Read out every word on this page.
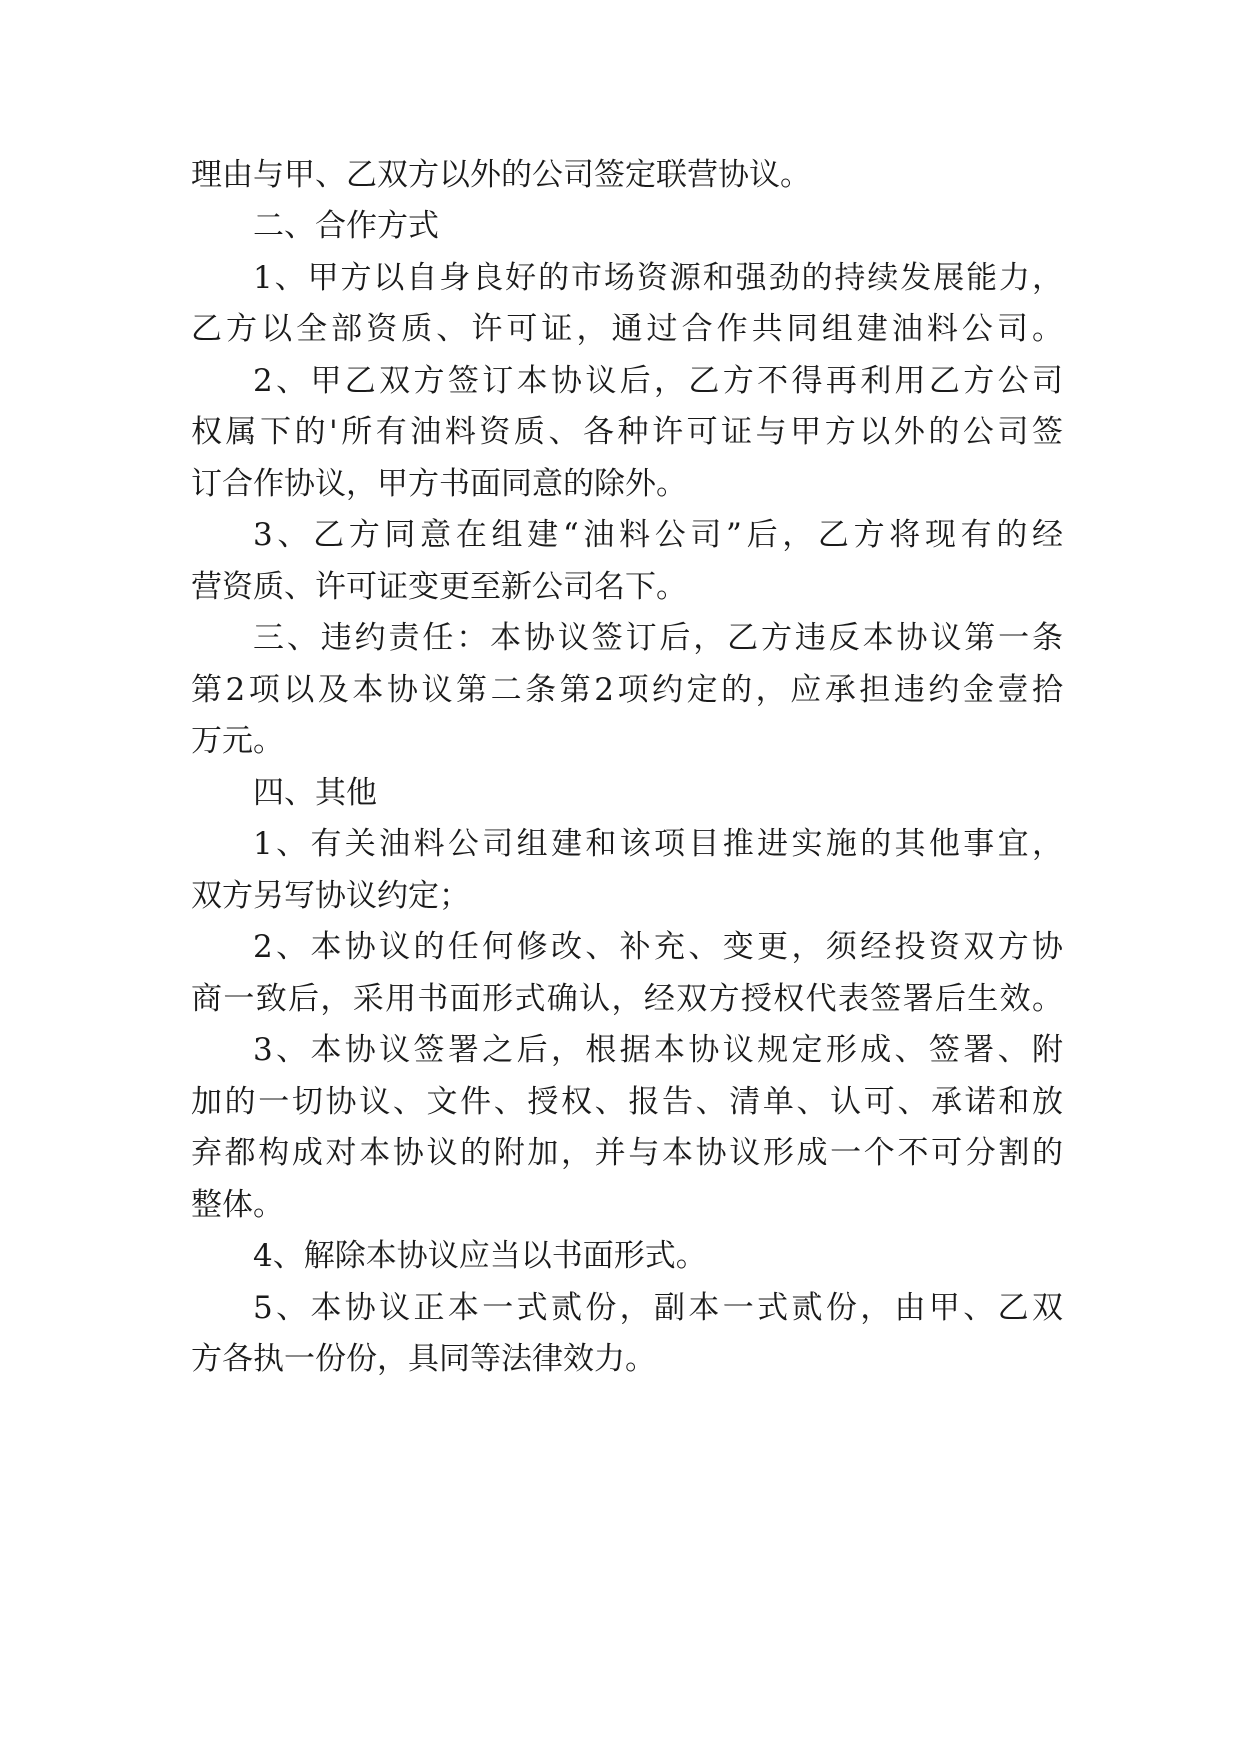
理由与甲、乙双方以外的公司签定联营协议。
二、合作方式
1、甲方以自身良好的市场资源和强劲的持续发展能力，
乙方以全部资质、许可证，通过合作共同组建油料公司。
2、甲乙双方签订本协议后，乙方不得再利用乙方公司
权属下的'所有油料资质、各种许可证与甲方以外的公司签
订合作协议，甲方书面同意的除外。
3、乙方同意在组建“油料公司”后，乙方将现有的经
营资质、许可证变更至新公司名下。
三、违约责任：本协议签订后，乙方违反本协议第一条
第2项以及本协议第二条第2项约定的，应承担违约金壹拾
万元。
四、其他
1、有关油料公司组建和该项目推进实施的其他事宜，
双方另写协议约定；
2、本协议的任何修改、补充、变更，须经投资双方协
商一致后，采用书面形式确认，经双方授权代表签署后生效。
3、本协议签署之后，根据本协议规定形成、签署、附
加的一切协议、文件、授权、报告、清单、认可、承诺和放
弃都构成对本协议的附加，并与本协议形成一个不可分割的
整体。
4、解除本协议应当以书面形式。
5、本协议正本一式贰份，副本一式贰份，由甲、乙双
方各执一份份，具同等法律效力。
